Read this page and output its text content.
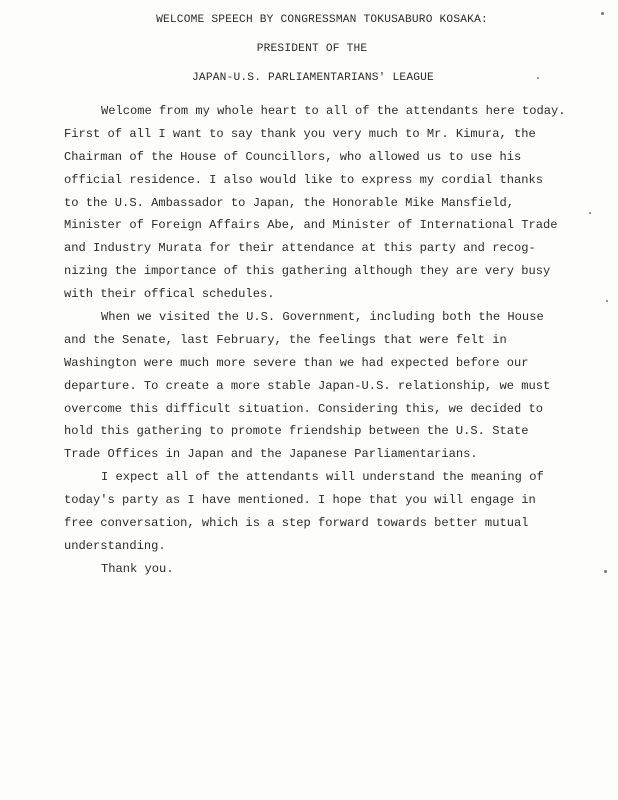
WELCOME SPEECH BY CONGRESSMAN TOKUSABURO KOSAKA:
PRESIDENT OF THE
JAPAN-U.S. PARLIAMENTARIANS' LEAGUE
Welcome from my whole heart to all of the attendants here today.
First of all I want to say thank you very much to Mr. Kimura, the
Chairman of the House of Councillors, who allowed us to use his
official residence. I also would like to express my cordial thanks
to the U.S. Ambassador to Japan, the Honorable Mike Mansfield,
Minister of Foreign Affairs Abe, and Minister of International Trade
and Industry Murata for their attendance at this party and recog-
nizing the importance of this gathering although they are very busy
with their offical schedules.
When we visited the U.S. Government, including both the House
and the Senate, last February, the feelings that were felt in
Washington were much more severe than we had expected before our
departure. To create a more stable Japan-U.S. relationship, we must
overcome this difficult situation. Considering this, we decided to
hold this gathering to promote friendship between the U.S. State
Trade Offices in Japan and the Japanese Parliamentarians.
I expect all of the attendants will understand the meaning of
today's party as I have mentioned. I hope that you will engage in
free conversation, which is a step forward towards better mutual
understanding.
Thank you.
